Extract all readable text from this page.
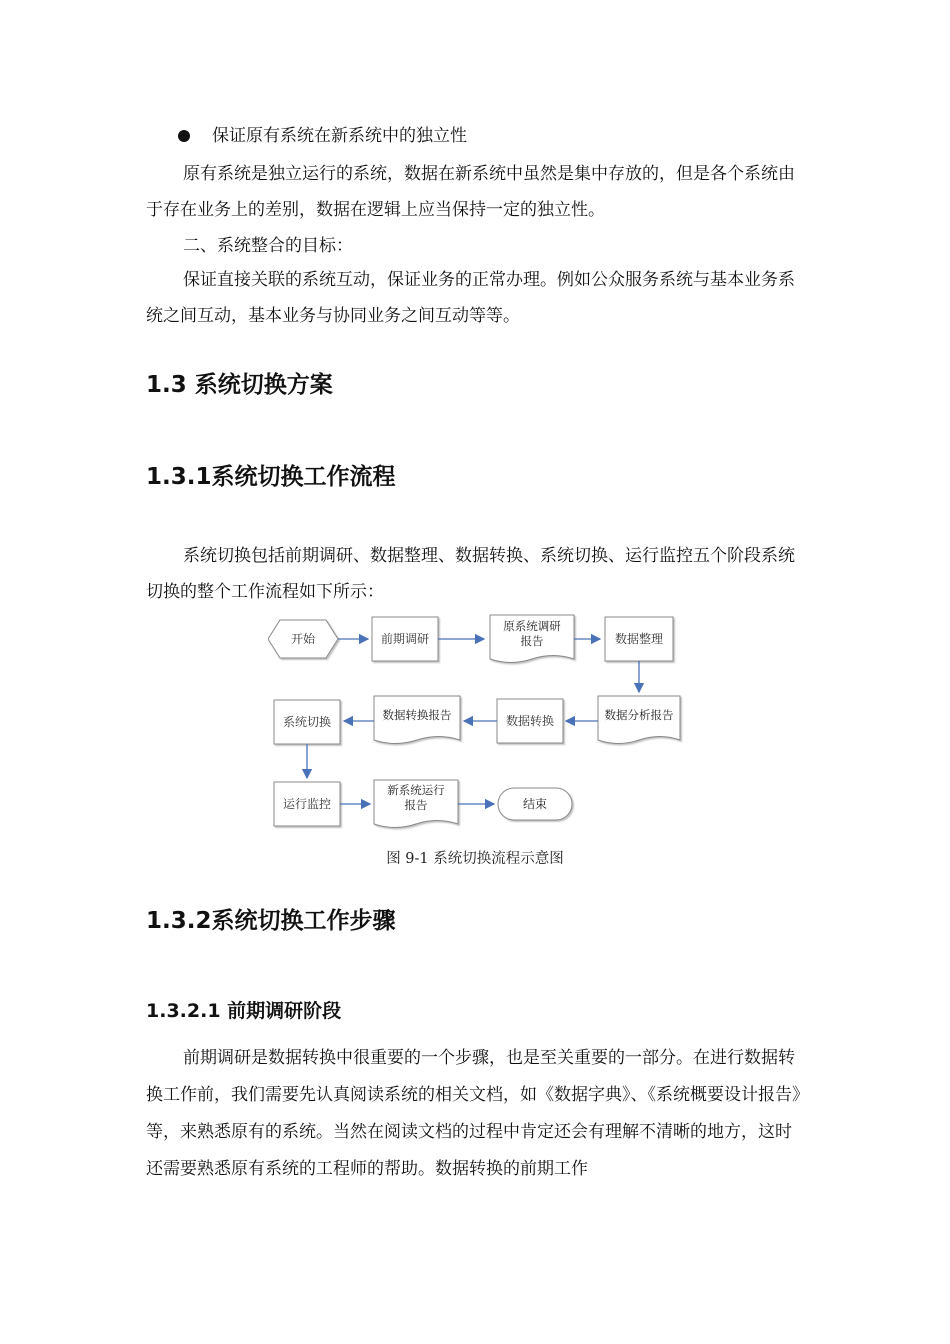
保证原有系统在新系统中的独立性

原有系统是独立运行的系统，数据在新系统中虽然是集中存放的，但是各个系统由于存在业务上的差别，数据在逻辑上应当保持一定的独立性。

二、系统整合的目标：

保证直接关联的系统互动，保证业务的正常办理。例如公众服务系统与基本业务系统之间互动，基本业务与协同业务之间互动等等。

1.3 系统切换方案
1.3.1系统切换工作流程

系统切换包括前期调研、数据整理、数据转换、系统切换、运行监控五个阶段系统切换的整个工作流程如下所示：

开始	前期调研
原系统调研
报告	数据整理
数据分析报告
数据转换
数据转换报告
系统切换
运行监控
新系统运行
报告	结束
图 9-1 系统切换流程示意图
1.3.2系统切换工作步骤
1.3.2.1 前期调研阶段

前期调研是数据转换中很重要的一个步骤，也是至关重要的一部分。在进行数据转换工作前，我们需要先认真阅读系统的相关文档，如《数据字典》、《系统概要设计报告》等，来熟悉原有的系统。当然在阅读文档的过程中肯定还会有理解不清晰的地方，这时还需要熟悉原有系统的工程师的帮助。数据转换的前期工作
